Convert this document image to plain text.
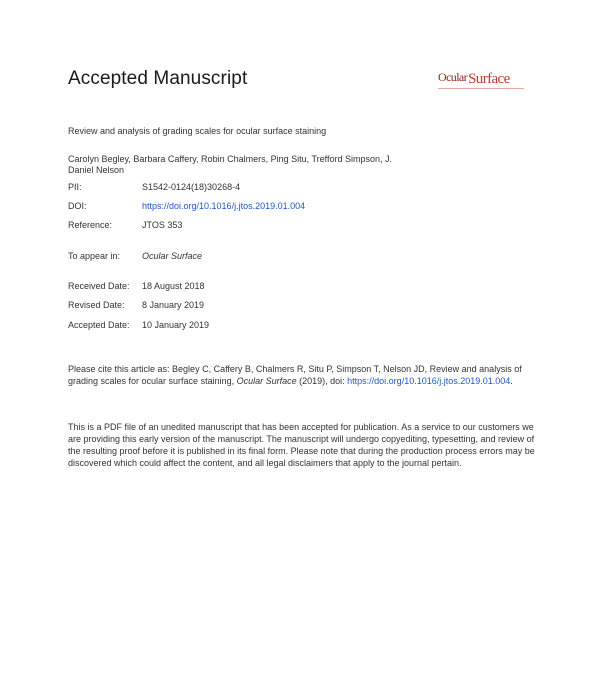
Accepted Manuscript	OcularSurface
Review and analysis of grading scales for ocular surface staining
Carolyn Begley, Barbara Caffery, Robin Chalmers, Ping Situ, Trefford Simpson, J.
Daniel Nelson
PII:	S1542-0124(18)30268-4
DOI:	https://doi.org/10.1016/j.jtos.2019.01.004
Reference:	JTOS 353
To appear in: Ocular Surface
Received Date: 18 August 2018
Revised Date: 8 January 2019
Accepted Date: 10 January 2019
Please cite this article as: Begley C, Caffery B, Chalmers R, Situ P, Simpson T, Nelson JD, Review and analysis of grading scales for ocular surface staining, Ocular Surface (2019), doi: https://doi.org/10.1016/j.jtos.2019.01.004.
This is a PDF file of an unedited manuscript that has been accepted for publication. As a service to our customers we are providing this early version of the manuscript. The manuscript will undergo copyediting, typesetting, and review of the resulting proof before it is published in its final form. Please note that during the production process errors may be discovered which could affect the content, and all legal disclaimers that apply to the journal pertain.
